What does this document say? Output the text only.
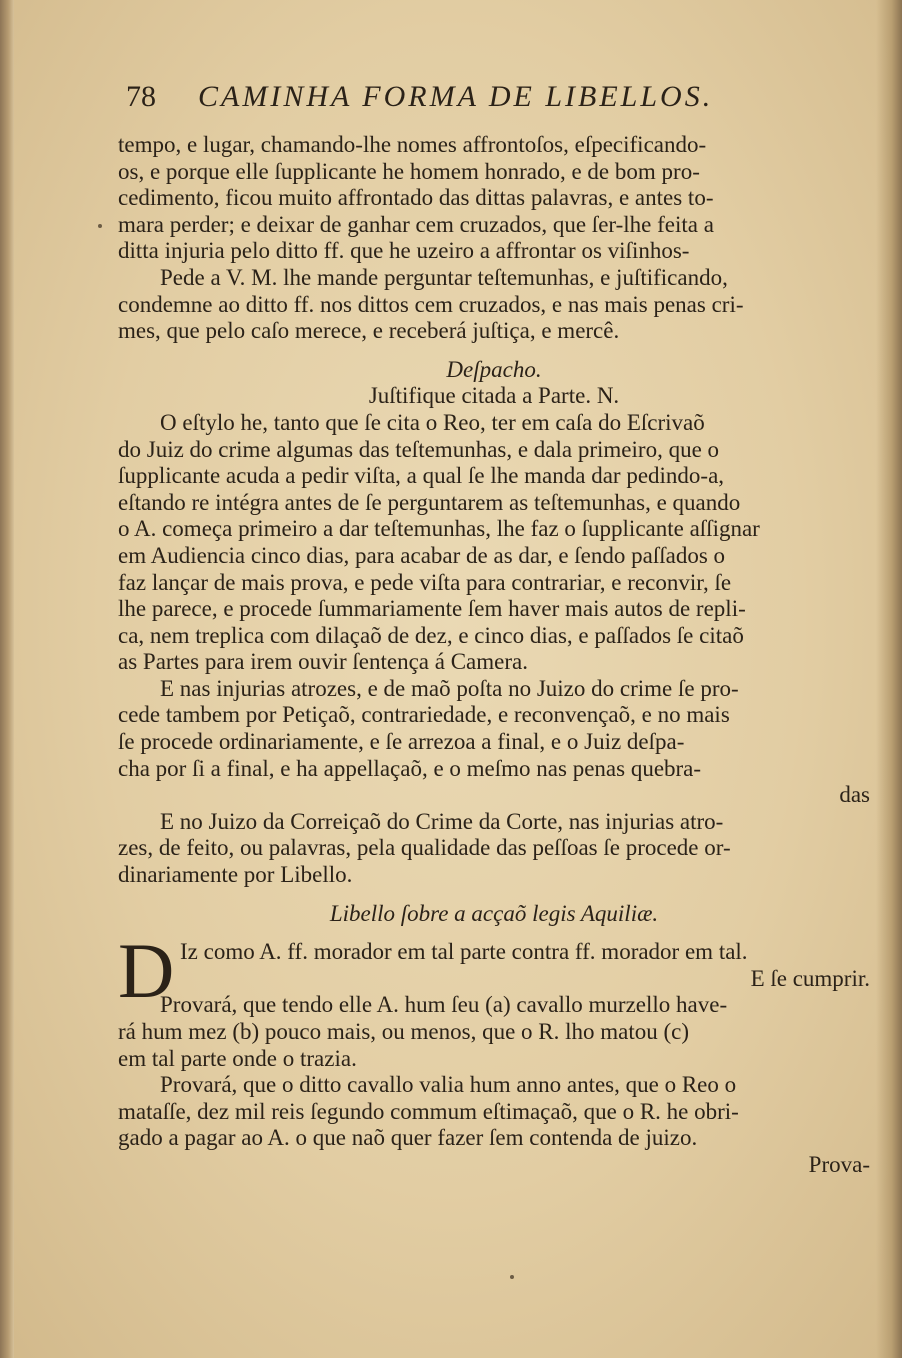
78 CAMINHA FORMA DE LIBELLOS.
tempo, e lugar, chamando-lhe nomes affrontoſos, eſpecificando-
os, e porque elle ſupplicante he homem honrado, e de bom pro-
cedimento, ficou muito affrontado das dittas palavras, e antes to-
mara perder; e deixar de ganhar cem cruzados, que ſer-lhe feita a
ditta injuria pelo ditto ff. que he uzeiro a affrontar os viſinhos-
Pede a V. M. lhe mande perguntar teſtemunhas, e juſtificando,
condemne ao ditto ff. nos dittos cem cruzados, e nas mais penas cri-
mes, que pelo caſo merece, e receberá juſtiça, e mercê.
Deſpacho.
Juſtifique citada a Parte. N.
O eſtylo he, tanto que ſe cita o Reo, ter em caſa do Eſcrivaõ
do Juiz do crime algumas das teſtemunhas, e dala primeiro, que o
ſupplicante acuda a pedir viſta, a qual ſe lhe manda dar pedindo-a,
eſtando re intégra antes de ſe perguntarem as teſtemunhas, e quando
o A. começa primeiro a dar teſtemunhas, lhe faz o ſupplicante aſſignar
em Audiencia cinco dias, para acabar de as dar, e ſendo paſſados o
faz lançar de mais prova, e pede viſta para contrariar, e reconvir, ſe
lhe parece, e procede ſummariamente ſem haver mais autos de repli-
ca, nem treplica com dilaçaõ de dez, e cinco dias, e paſſados ſe citaõ
as Partes para irem ouvir ſentença á Camera.
E nas injurias atrozes, e de maõ poſta no Juizo do crime ſe pro-
cede tambem por Petiçaõ, contrariedade, e reconvençaõ, e no mais
ſe procede ordinariamente, e ſe arrezoa a final, e o Juiz deſpa-
cha por ſi a final, e ha appellaçaõ, e o meſmo nas penas quebra-
das
E no Juizo da Correiçaõ do Crime da Corte, nas injurias atro-
zes, de feito, ou palavras, pela qualidade das peſſoas ſe procede or-
dinariamente por Libello.
Libello ſobre a acçaõ legis Aquiliæ.
D Iz como A. ff. morador em tal parte contra ff. morador em tal.
E ſe cumprir.
Provará, que tendo elle A. hum ſeu (a) cavallo murzello have-
rá hum mez (b) pouco mais, ou menos, que o R. lho matou (c)
em tal parte onde o trazia.
Provará, que o ditto cavallo valia hum anno antes, que o Reo o
mataſſe, dez mil reis ſegundo commum eſtimaçaõ, que o R. he obri-
gado a pagar ao A. o que naõ quer fazer ſem contenda de juizo.
Prova-
